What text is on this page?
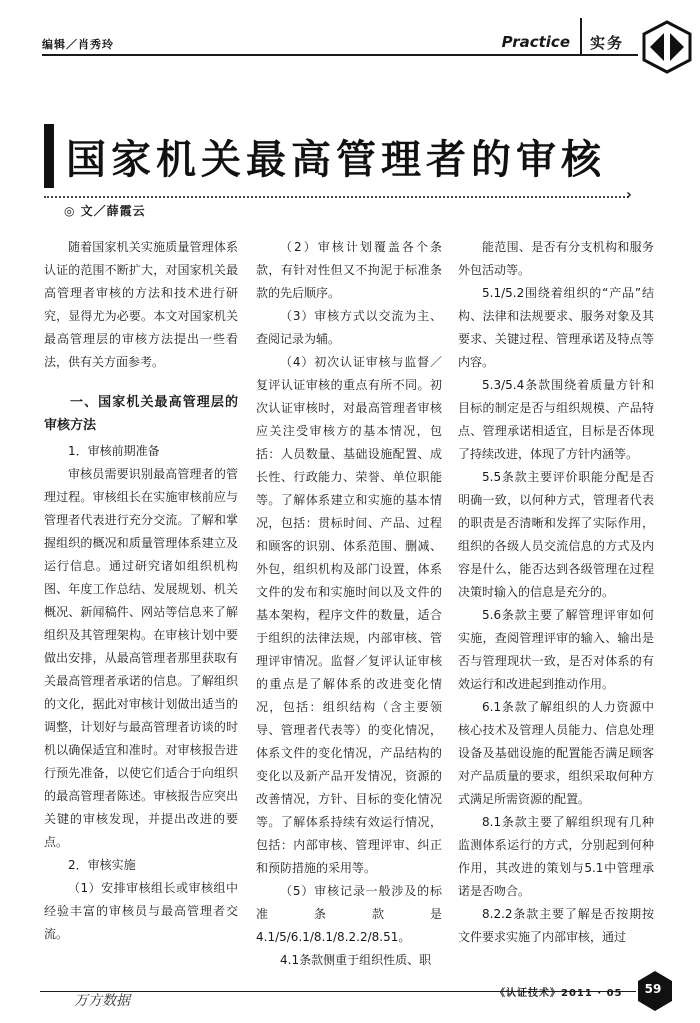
编辑／肖秀玲	Practice 实务
国家机关最高管理者的审核
›
◎ 文／薛霞云

随着国家机关实施质量管理体系认证的范围不断扩大，对国家机关最高管理者审核的方法和技术进行研究，显得尤为必要。本文对国家机关最高管理层的审核方法提出一些看法，供有关方面参考。

一、国家机关最高管理层的审核方法

1．审核前期准备

审核员需要识别最高管理者的管理过程。审核组长在实施审核前应与管理者代表进行充分交流。了解和掌握组织的概况和质量管理体系建立及运行信息。通过研究诸如组织机构图、年度工作总结、发展规划、机关概况、新闻稿件、网站等信息来了解组织及其管理架构。在审核计划中要做出安排，从最高管理者那里获取有关最高管理者承诺的信息。了解组织的文化，据此对审核计划做出适当的调整，计划好与最高管理者访谈的时机以确保适宜和准时。对审核报告进行预先准备，以使它们适合于向组织的最高管理者陈述。审核报告应突出关键的审核发现，并提出改进的要点。

2．审核实施

（1）安排审核组长或审核组中经验丰富的审核员与最高管理者交流。

（2）审核计划覆盖各个条款，有针对性但又不拘泥于标准条款的先后顺序。

（3）审核方式以交流为主、查阅记录为辅。

（4）初次认证审核与监督／复评认证审核的重点有所不同。初次认证审核时，对最高管理者审核应关注受审核方的基本情况，包括：人员数量、基础设施配置、成长性、行政能力、荣誉、单位职能等。了解体系建立和实施的基本情况，包括：贯标时间、产品、过程和顾客的识别、体系范围、删减、外包，组织机构及部门设置，体系文件的发布和实施时间以及文件的基本架构，程序文件的数量，适合于组织的法律法规，内部审核、管理评审情况。监督／复评认证审核的重点是了解体系的改进变化情况，包括：组织结构（含主要领导、管理者代表等）的变化情况，体系文件的变化情况，产品结构的变化以及新产品开发情况，资源的改善情况，方针、目标的变化情况等。了解体系持续有效运行情况，包括：内部审核、管理评审、纠正和预防措施的采用等。

（5）审核记录一般涉及的标准条款是4.1/5/6.1/8.1/8.2.2/8.51。

4.1条款侧重于组织性质、职

能范围、是否有分支机构和服务外包活动等。

5.1/5.2围绕着组织的“产品”结构、法律和法规要求、服务对象及其要求、关键过程、管理承诺及特点等内容。

5.3/5.4条款围绕着质量方针和目标的制定是否与组织规模、产品特点、管理承诺相适宜，目标是否体现了持续改进，体现了方针内涵等。

5.5条款主要评价职能分配是否明确一致，以何种方式，管理者代表的职责是否清晰和发挥了实际作用，组织的各级人员交流信息的方式及内容是什么，能否达到各级管理在过程决策时输入的信息是充分的。

5.6条款主要了解管理评审如何实施，查阅管理评审的输入、输出是否与管理现状一致，是否对体系的有效运行和改进起到推动作用。

6.1条款了解组织的人力资源中核心技术及管理人员能力、信息处理设备及基础设施的配置能否满足顾客对产品质量的要求，组织采取何种方式满足所需资源的配置。

8.1条款主要了解组织现有几种监测体系运行的方式，分别起到何种作用，其改进的策划与5.1中管理承诺是否吻合。

8.2.2条款主要了解是否按期按文件要求实施了内部审核，通过

万方数据	《认证技术》2011 · 05	59
